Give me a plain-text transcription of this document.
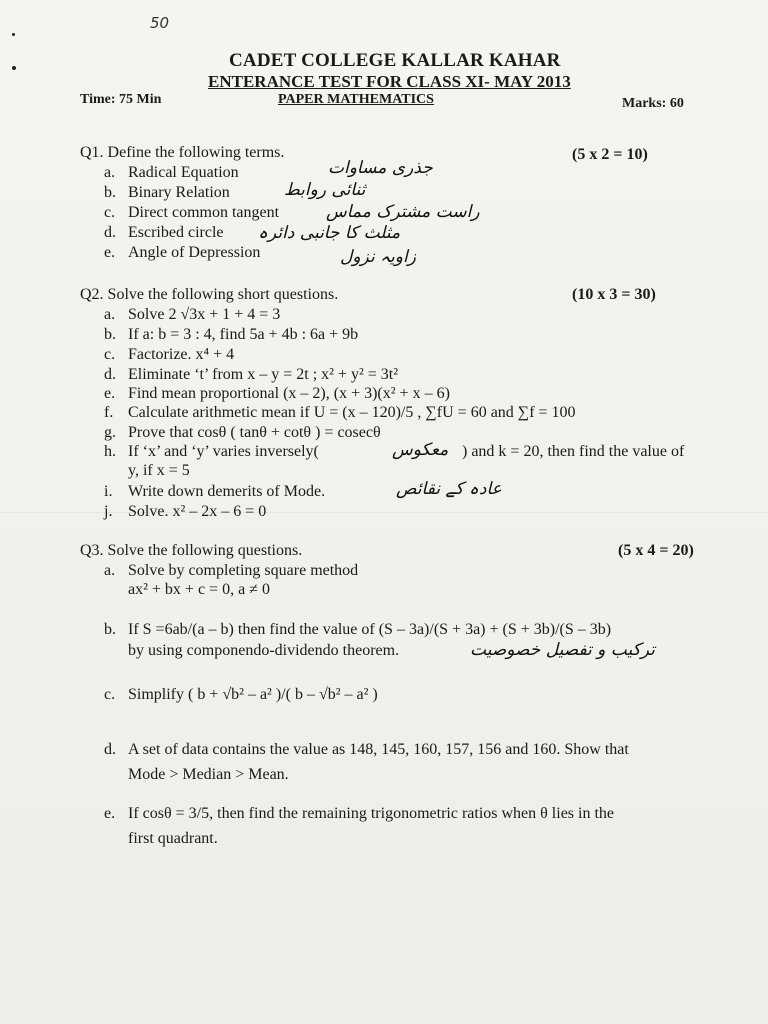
50
CADET COLLEGE KALLAR KAHAR
ENTERANCE TEST FOR CLASS XI- MAY 2013
PAPER MATHEMATICS
Time: 75 Min	Marks: 60
Q1. Define the following terms.	(5 x 2 = 10)
a. Radical Equation	جذری مساوات
b. Binary Relation	ثنائی روابط
c. Direct common tangent	راست مشترک مماس
d. Escribed circle مثلث کا جانبی دائرہ
e. Angle of Depression	زاویہ نزول
Q2. Solve the following short questions.	(10 x 3 = 30)
a. Solve 2 √3x + 1 + 4 = 3
b. If a: b = 3 : 4, find 5a + 4b : 6a + 9b
c. Factorize. x⁴ + 4
d. Eliminate ‘t’ from x – y = 2t ; x² + y² = 3t²
e. Find mean proportional (x – 2), (x + 3)(x² + x – 6)
f. Calculate arithmetic mean if U = (x – 120)/5 , ∑fU = 60 and ∑f = 100
g. Prove that cosθ ( tanθ + cotθ ) = cosecθ
h. If ‘x’ and ‘y’ varies inversely(	معکوس ) and k = 20, then find the value of
y, if x = 5
i. Write down demerits of Mode.	عادہ کے نقائص
j. Solve. x² – 2x – 6 = 0
Q3. Solve the following questions.	(5 x 4 = 20)
a. Solve by completing square method
ax² + bx + c = 0, a ≠ 0
b. If S =6ab/(a – b) then find the value of (S – 3a)/(S + 3a) + (S + 3b)/(S – 3b)
by using componendo-dividendo theorem.	ترکیب و تفصیل خصوصیت
c. Simplify ( b + √b² – a² )/( b – √b² – a² )
d. A set of data contains the value as 148, 145, 160, 157, 156 and 160. Show that
Mode > Median > Mean.
e. If cosθ = 3/5, then find the remaining trigonometric ratios when θ lies in the
first quadrant.
